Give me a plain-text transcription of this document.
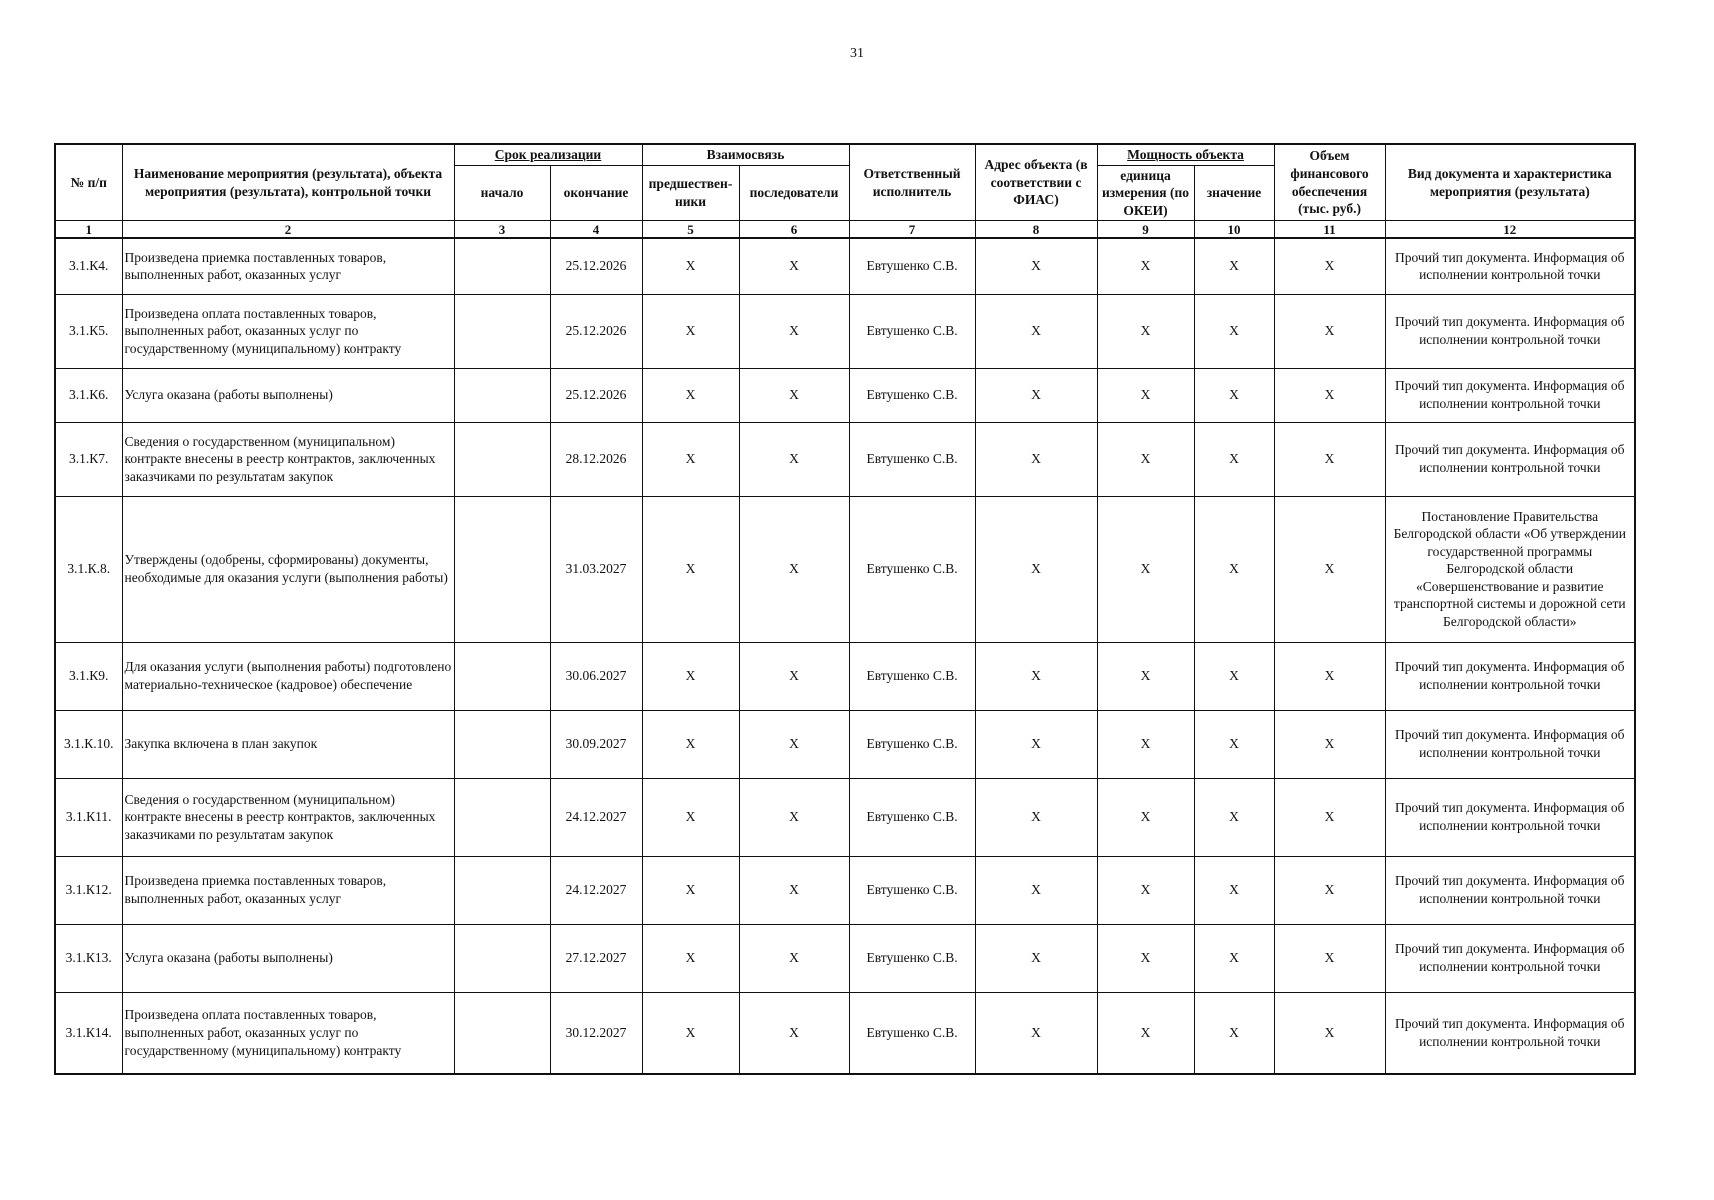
31
№ п/п	Наименование мероприятия (результата), объекта мероприятия (результата), контрольной точки	Срок реализации		Взаимосвязь		Ответственный исполнитель	Адрес объекта (в соответствии с ФИАС)	Мощность объекта		Объем финансового обеспечения (тыс. руб.)	Вид документа и характеристика мероприятия (результата)
		начало	окончание	предшествен-ники	последователи			единица измерения (по ОКЕИ)	значение		
1	2	3	4	5	6	7	8	9	10	11	12
3.1.К4.	Произведена приемка поставленных товаров, выполненных работ, оказанных услуг		25.12.2026	Х	Х	Евтушенко С.В.	Х	Х	Х	Х	Прочий тип документа. Информация об исполнении контрольной точки
3.1.К5.	Произведена оплата поставленных товаров, выполненных работ, оказанных услуг по государственному (муниципальному) контракту		25.12.2026	Х	Х	Евтушенко С.В.	Х	Х	Х	Х	Прочий тип документа. Информация об исполнении контрольной точки
3.1.К6.	Услуга оказана (работы выполнены)		25.12.2026	Х	Х	Евтушенко С.В.	Х	Х	Х	Х	Прочий тип документа. Информация об исполнении контрольной точки
3.1.К7.	Сведения о государственном (муниципальном) контракте внесены в реестр контрактов, заключенных заказчиками по результатам закупок		28.12.2026	Х	Х	Евтушенко С.В.	Х	Х	Х	Х	Прочий тип документа. Информация об исполнении контрольной точки
3.1.К.8.	Утверждены (одобрены, сформированы) документы, необходимые для оказания услуги (выполнения работы)		31.03.2027	Х	Х	Евтушенко С.В.	Х	Х	Х	Х	Постановление Правительства Белгородской области «Об утверждении государственной программы Белгородской области «Совершенствование и развитие транспортной системы и дорожной сети Белгородской области»
3.1.К9.	Для оказания услуги (выполнения работы) подготовлено материально-техническое (кадровое) обеспечение		30.06.2027	Х	Х	Евтушенко С.В.	Х	Х	Х	Х	Прочий тип документа. Информация об исполнении контрольной точки
3.1.К.10.	Закупка включена в план закупок		30.09.2027	Х	Х	Евтушенко С.В.	Х	Х	Х	Х	Прочий тип документа. Информация об исполнении контрольной точки
3.1.К11.	Сведения о государственном (муниципальном) контракте внесены в реестр контрактов, заключенных заказчиками по результатам закупок		24.12.2027	Х	Х	Евтушенко С.В.	Х	Х	Х	Х	Прочий тип документа. Информация об исполнении контрольной точки
3.1.К12.	Произведена приемка поставленных товаров, выполненных работ, оказанных услуг		24.12.2027	Х	Х	Евтушенко С.В.	Х	Х	Х	Х	Прочий тип документа. Информация об исполнении контрольной точки
3.1.К13.	Услуга оказана (работы выполнены)		27.12.2027	Х	Х	Евтушенко С.В.	Х	Х	Х	Х	Прочий тип документа. Информация об исполнении контрольной точки
3.1.К14.	Произведена оплата поставленных товаров, выполненных работ, оказанных услуг по государственному (муниципальному) контракту		30.12.2027	Х	Х	Евтушенко С.В.	Х	Х	Х	Х	Прочий тип документа. Информация об исполнении контрольной точки
